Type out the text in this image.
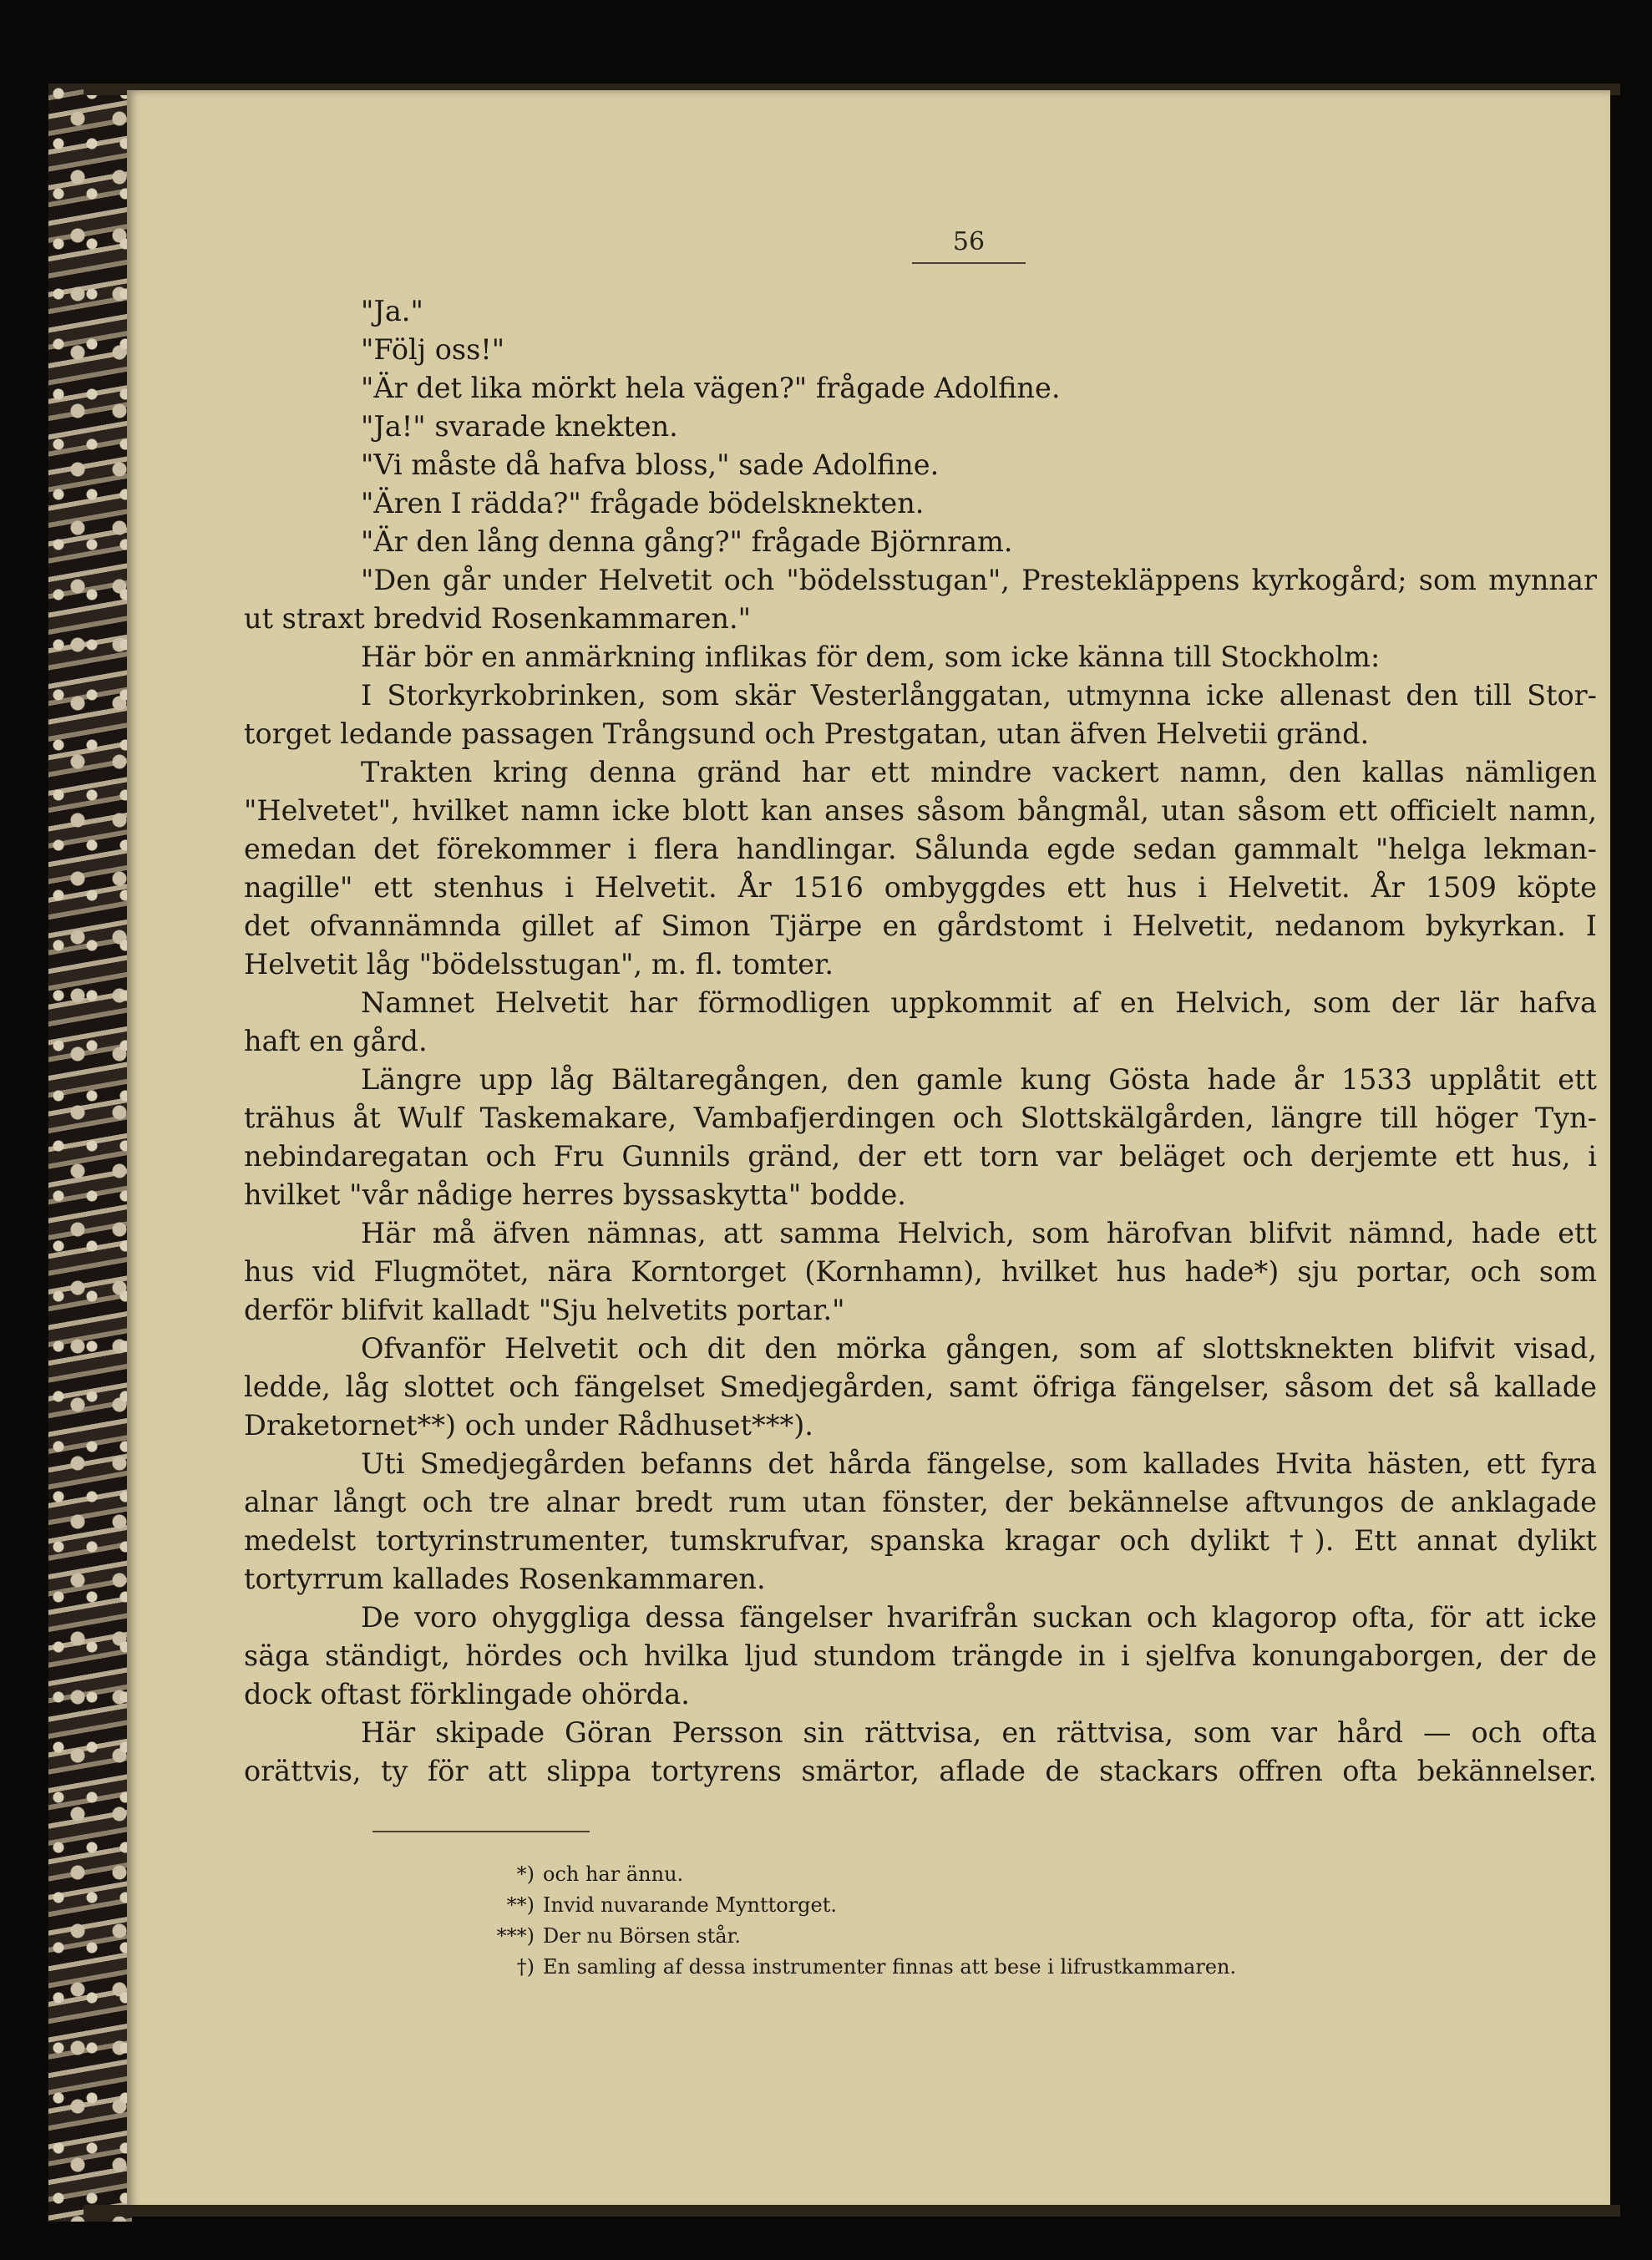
56
"Ja."
"Följ oss!"
"Är det lika mörkt hela vägen?" frågade Adolfine.
"Ja!" svarade knekten.
"Vi måste då hafva bloss," sade Adolfine.
"Ären I rädda?" frågade bödelsknekten.
"Är den lång denna gång?" frågade Björnram.
"Den går under Helvetit och "bödelsstugan", Prestekläppens kyrkogård; som mynnar
ut straxt bredvid Rosenkammaren."
Här bör en anmärkning inflikas för dem, som icke känna till Stockholm:
I Storkyrkobrinken, som skär Vesterlånggatan, utmynna icke allenast den till Stor-
torget ledande passagen Trångsund och Prestgatan, utan äfven Helvetii gränd.
Trakten kring denna gränd har ett mindre vackert namn, den kallas nämligen
"Helvetet", hvilket namn icke blott kan anses såsom bångmål, utan såsom ett officielt namn,
emedan det förekommer i flera handlingar. Sålunda egde sedan gammalt "helga lekman-
nagille" ett stenhus i Helvetit. År 1516 ombyggdes ett hus i Helvetit. År 1509 köpte
det ofvannämnda gillet af Simon Tjärpe en gårdstomt i Helvetit, nedanom bykyrkan. I
Helvetit låg "bödelsstugan", m. fl. tomter.
Namnet Helvetit har förmodligen uppkommit af en Helvich, som der lär hafva
haft en gård.
Längre upp låg Bältaregången, den gamle kung Gösta hade år 1533 upplåtit ett
trähus åt Wulf Taskemakare, Vambafjerdingen och Slottskälgården, längre till höger Tyn-
nebindaregatan och Fru Gunnils gränd, der ett torn var beläget och derjemte ett hus, i
hvilket "vår nådige herres byssaskytta" bodde.
Här må äfven nämnas, att samma Helvich, som härofvan blifvit nämnd, hade ett
hus vid Flugmötet, nära Korntorget (Kornhamn), hvilket hus hade*) sju portar, och som
derför blifvit kalladt "Sju helvetits portar."
Ofvanför Helvetit och dit den mörka gången, som af slottsknekten blifvit visad,
ledde, låg slottet och fängelset Smedjegården, samt öfriga fängelser, såsom det så kallade
Draketornet**) och under Rådhuset***).
Uti Smedjegården befanns det hårda fängelse, som kallades Hvita hästen, ett fyra
alnar långt och tre alnar bredt rum utan fönster, der bekännelse aftvungos de anklagade
medelst tortyrinstrumenter, tumskrufvar, spanska kragar och dylikt †). Ett annat dylikt
tortyrrum kallades Rosenkammaren.
De voro ohyggliga dessa fängelser hvarifrån suckan och klagorop ofta, för att icke
säga ständigt, hördes och hvilka ljud stundom trängde in i sjelfva konungaborgen, der de
dock oftast förklingade ohörda.
Här skipade Göran Persson sin rättvisa, en rättvisa, som var hård — och ofta
orättvis, ty för att slippa tortyrens smärtor, aflade de stackars offren ofta bekännelser.
*) och har ännu.
**) Invid nuvarande Mynttorget.
***) Der nu Börsen står.
†) En samling af dessa instrumenter finnas att bese i lifrustkammaren.
